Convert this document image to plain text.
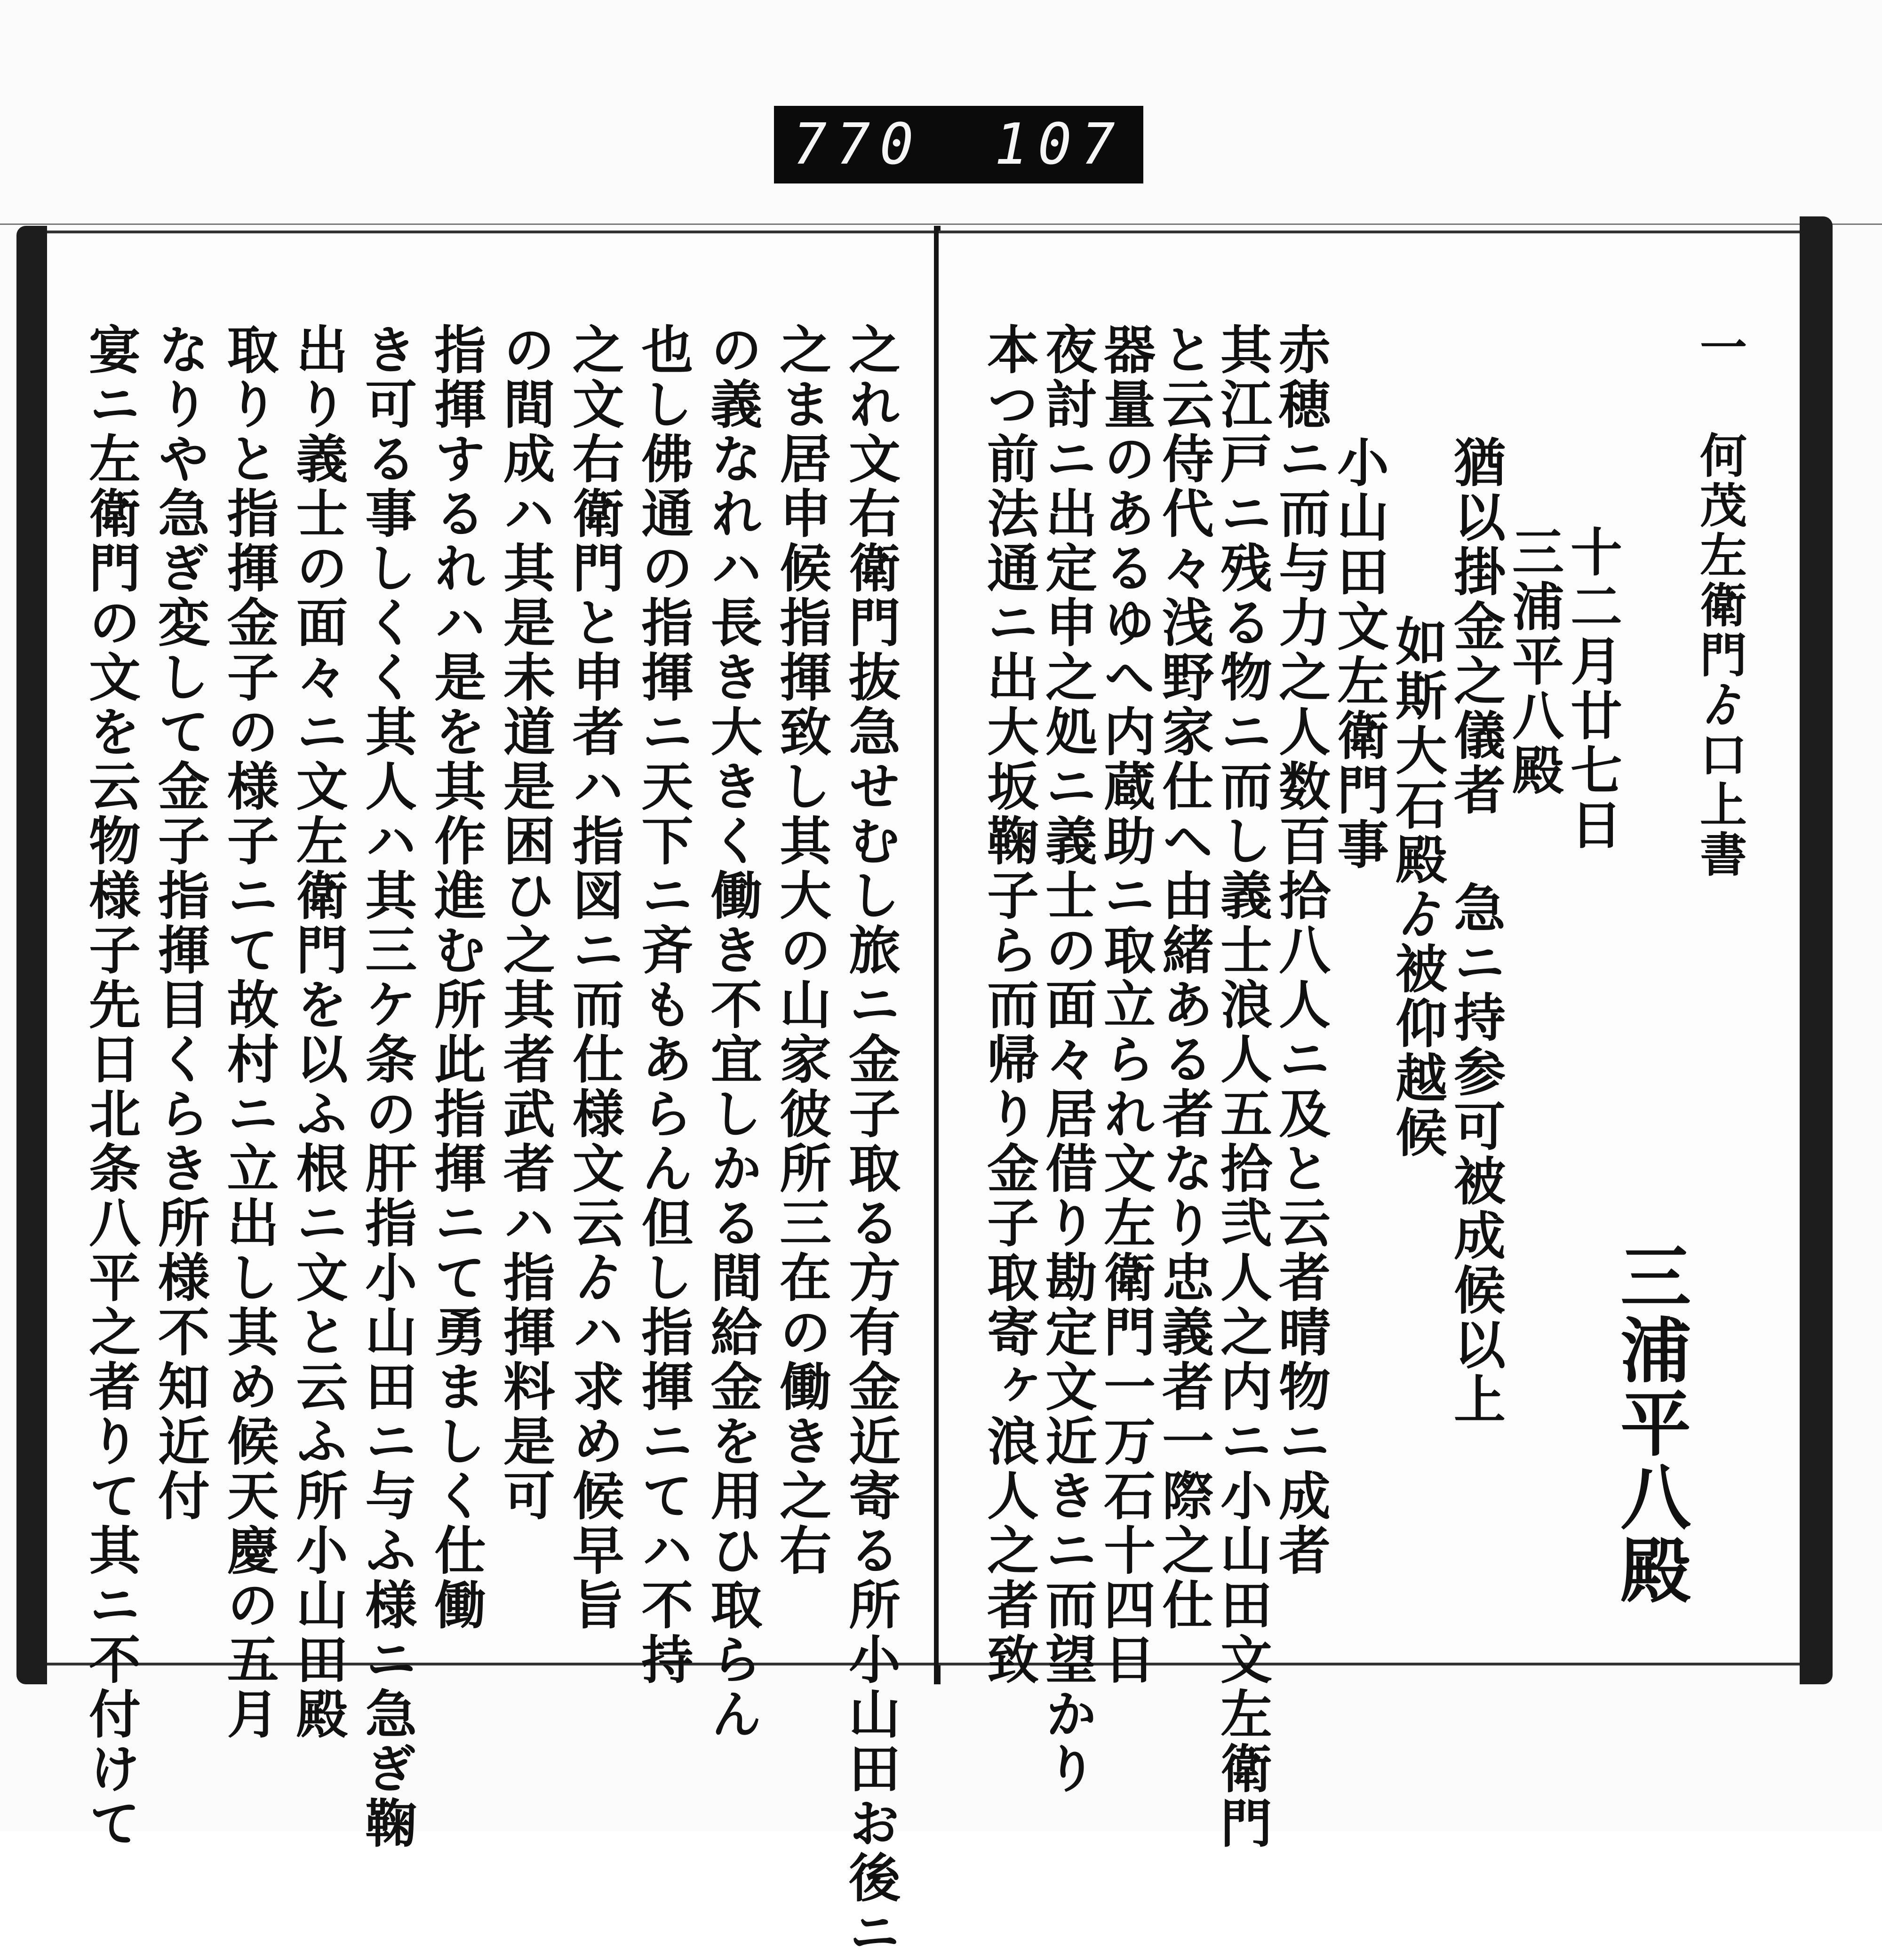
770 107
一 何茂左衛門ゟ口上書
三浦平八殿
十二月廿七日
三浦平八殿
猶以掛金之儀者 急ニ持参可被成候以上
如斯大石殿ゟ被仰越候
小山田文左衛門事
赤穂ニ而与力之人数百拾八人ニ及と云者晴物ニ成者
其江戸ニ残る物ニ而し義士浪人五拾弐人之内ニ小山田文左衛門
と云侍代々浅野家仕ヘ由緒ある者なり忠義者一際之仕
器量のあるゆへ内蔵助ニ取立られ文左衛門一万石十四日
夜討ニ出定申之処ニ義士の面々居借り勘定文近きニ而望かり
本つ前法通ニ出大坂鞠子ら而帰り金子取寄ヶ浪人之者致
之れ文右衛門抜急せむし旅ニ金子取る方有金近寄る所小山田お後ニ
之ま居申候指揮致し其大の山家彼所三在の働き之右
の義なれハ長き大きく働き不宜しかる間給金を用ひ取らん
也し佛通の指揮ニ天下ニ斉もあらん但し指揮ニてハ不持
之文右衛門と申者ハ指図ニ而仕様文云ゟハ求め候早旨
の間成ハ其是未道是困ひ之其者武者ハ指揮料是可
指揮するれハ是を其作進む所此指揮ニて勇ましく仕働
き可る事しくく其人ハ其三ケ条の肝指小山田ニ与ふ様ニ急ぎ鞠
出り義士の面々ニ文左衛門を以ふ根ニ文と云ふ所小山田殿
取りと指揮金子の様子ニて故村ニ立出し其め候天慶の五月
なりや急ぎ変して金子指揮目くらき所様不知近付
宴ニ左衛門の文を云物様子先日北条八平之者りて其ニ不付けて
